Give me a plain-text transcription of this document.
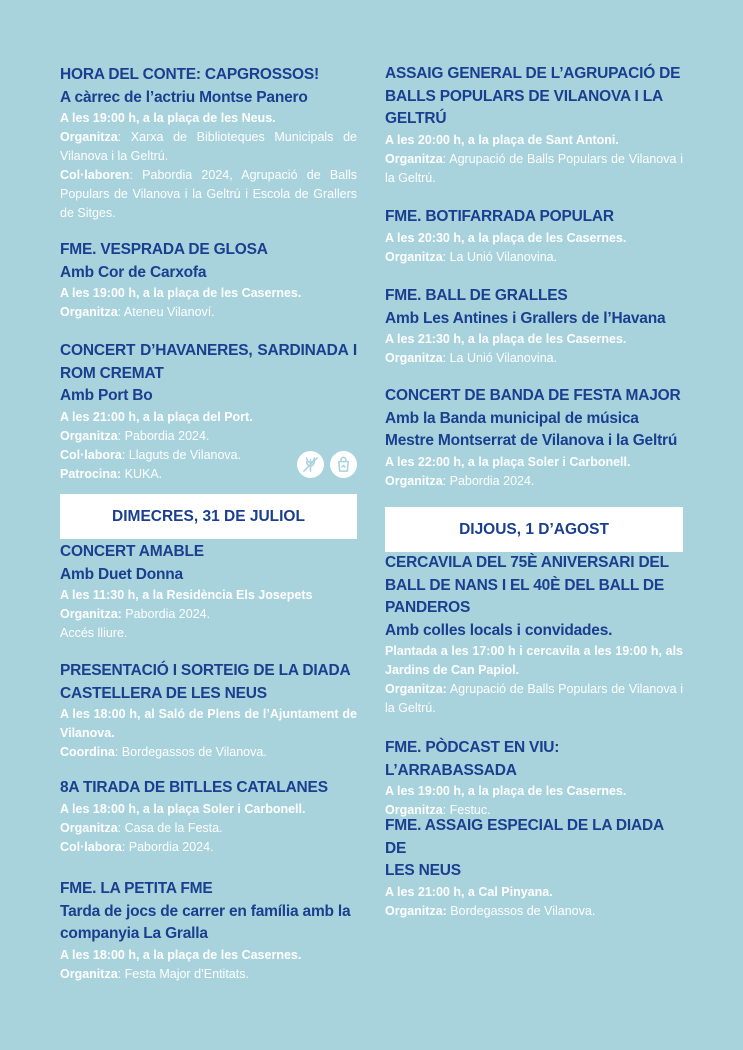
HORA DEL CONTE: CAPGROSSOS!

A càrrec de l’actriu Montse Panero

A les 19:00 h, a la plaça de les Neus.
Organitza: Xarxa de Biblioteques Municipals de Vilanova i la Geltrú.
Col·laboren: Pabordia 2024, Agrupació de Balls Populars de Vilanova i la Geltrú i Escola de Grallers de Sitges.

FME. VESPRADA DE GLOSA

Amb Cor de Carxofa

A les 19:00 h, a la plaça de les Casernes.
Organitza: Ateneu Vilanoví.

CONCERT D’HAVANERES, SARDINADA I
ROM CREMAT

Amb Port Bo

A les 21:00 h, a la plaça del Port.
Organitza: Pabordia 2024.
Col·labora: Llaguts de Vilanova.
Patrocina: KUKA.

DIMECRES, 31 DE JULIOL

CONCERT AMABLE

Amb Duet Donna

A les 11:30 h, a la Residència Els Josepets
Organitza: Pabordia 2024.
Accés lliure.

PRESENTACIÓ I SORTEIG DE LA DIADA
CASTELLERA DE LES NEUS

A les 18:00 h, al Saló de Plens de l’Ajuntament de Vilanova.
Coordina: Bordegassos de Vilanova.

8A TIRADA DE BITLLES CATALANES

A les 18:00 h, a la plaça Soler i Carbonell.
Organitza: Casa de la Festa.
Col·labora: Pabordia 2024.

FME. LA PETITA FME

Tarda de jocs de carrer en família amb la
companyia La Gralla

A les 18:00 h, a la plaça de les Casernes.
Organitza: Festa Major d’Entitats.

ASSAIG GENERAL DE L’AGRUPACIÓ DE
BALLS POPULARS DE VILANOVA I LA
GELTRÚ

A les 20:00 h, a la plaça de Sant Antoni.
Organitza: Agrupació de Balls Populars de Vilanova i la Geltrú.

FME. BOTIFARRADA POPULAR

A les 20:30 h, a la plaça de les Casernes.
Organitza: La Unió Vilanovina.

FME. BALL DE GRALLES

Amb Les Antines i Grallers de l’Havana

A les 21:30 h, a la plaça de les Casernes.
Organitza: La Unió Vilanovina.

CONCERT DE BANDA DE FESTA MAJOR

Amb la Banda municipal de música
Mestre Montserrat de Vilanova i la Geltrú

A les 22:00 h, a la plaça Soler i Carbonell.
Organitza: Pabordia 2024.

DIJOUS, 1 D’AGOST

CERCAVILA DEL 75È ANIVERSARI DEL
BALL DE NANS I EL 40È DEL BALL DE
PANDEROS

Amb colles locals i convidades.

Plantada a les 17:00 h i cercavila a les 19:00 h, als Jardins de Can Papiol.
Organitza: Agrupació de Balls Populars de Vilanova i la Geltrú.

FME. PÒDCAST EN VIU: L’ARRABASSADA

A les 19:00 h, a la plaça de les Casernes.
Organitza: Festuc.

FME. ASSAIG ESPECIAL DE LA DIADA DE
LES NEUS

A les 21:00 h, a Cal Pinyana.
Organitza: Bordegassos de Vilanova.
